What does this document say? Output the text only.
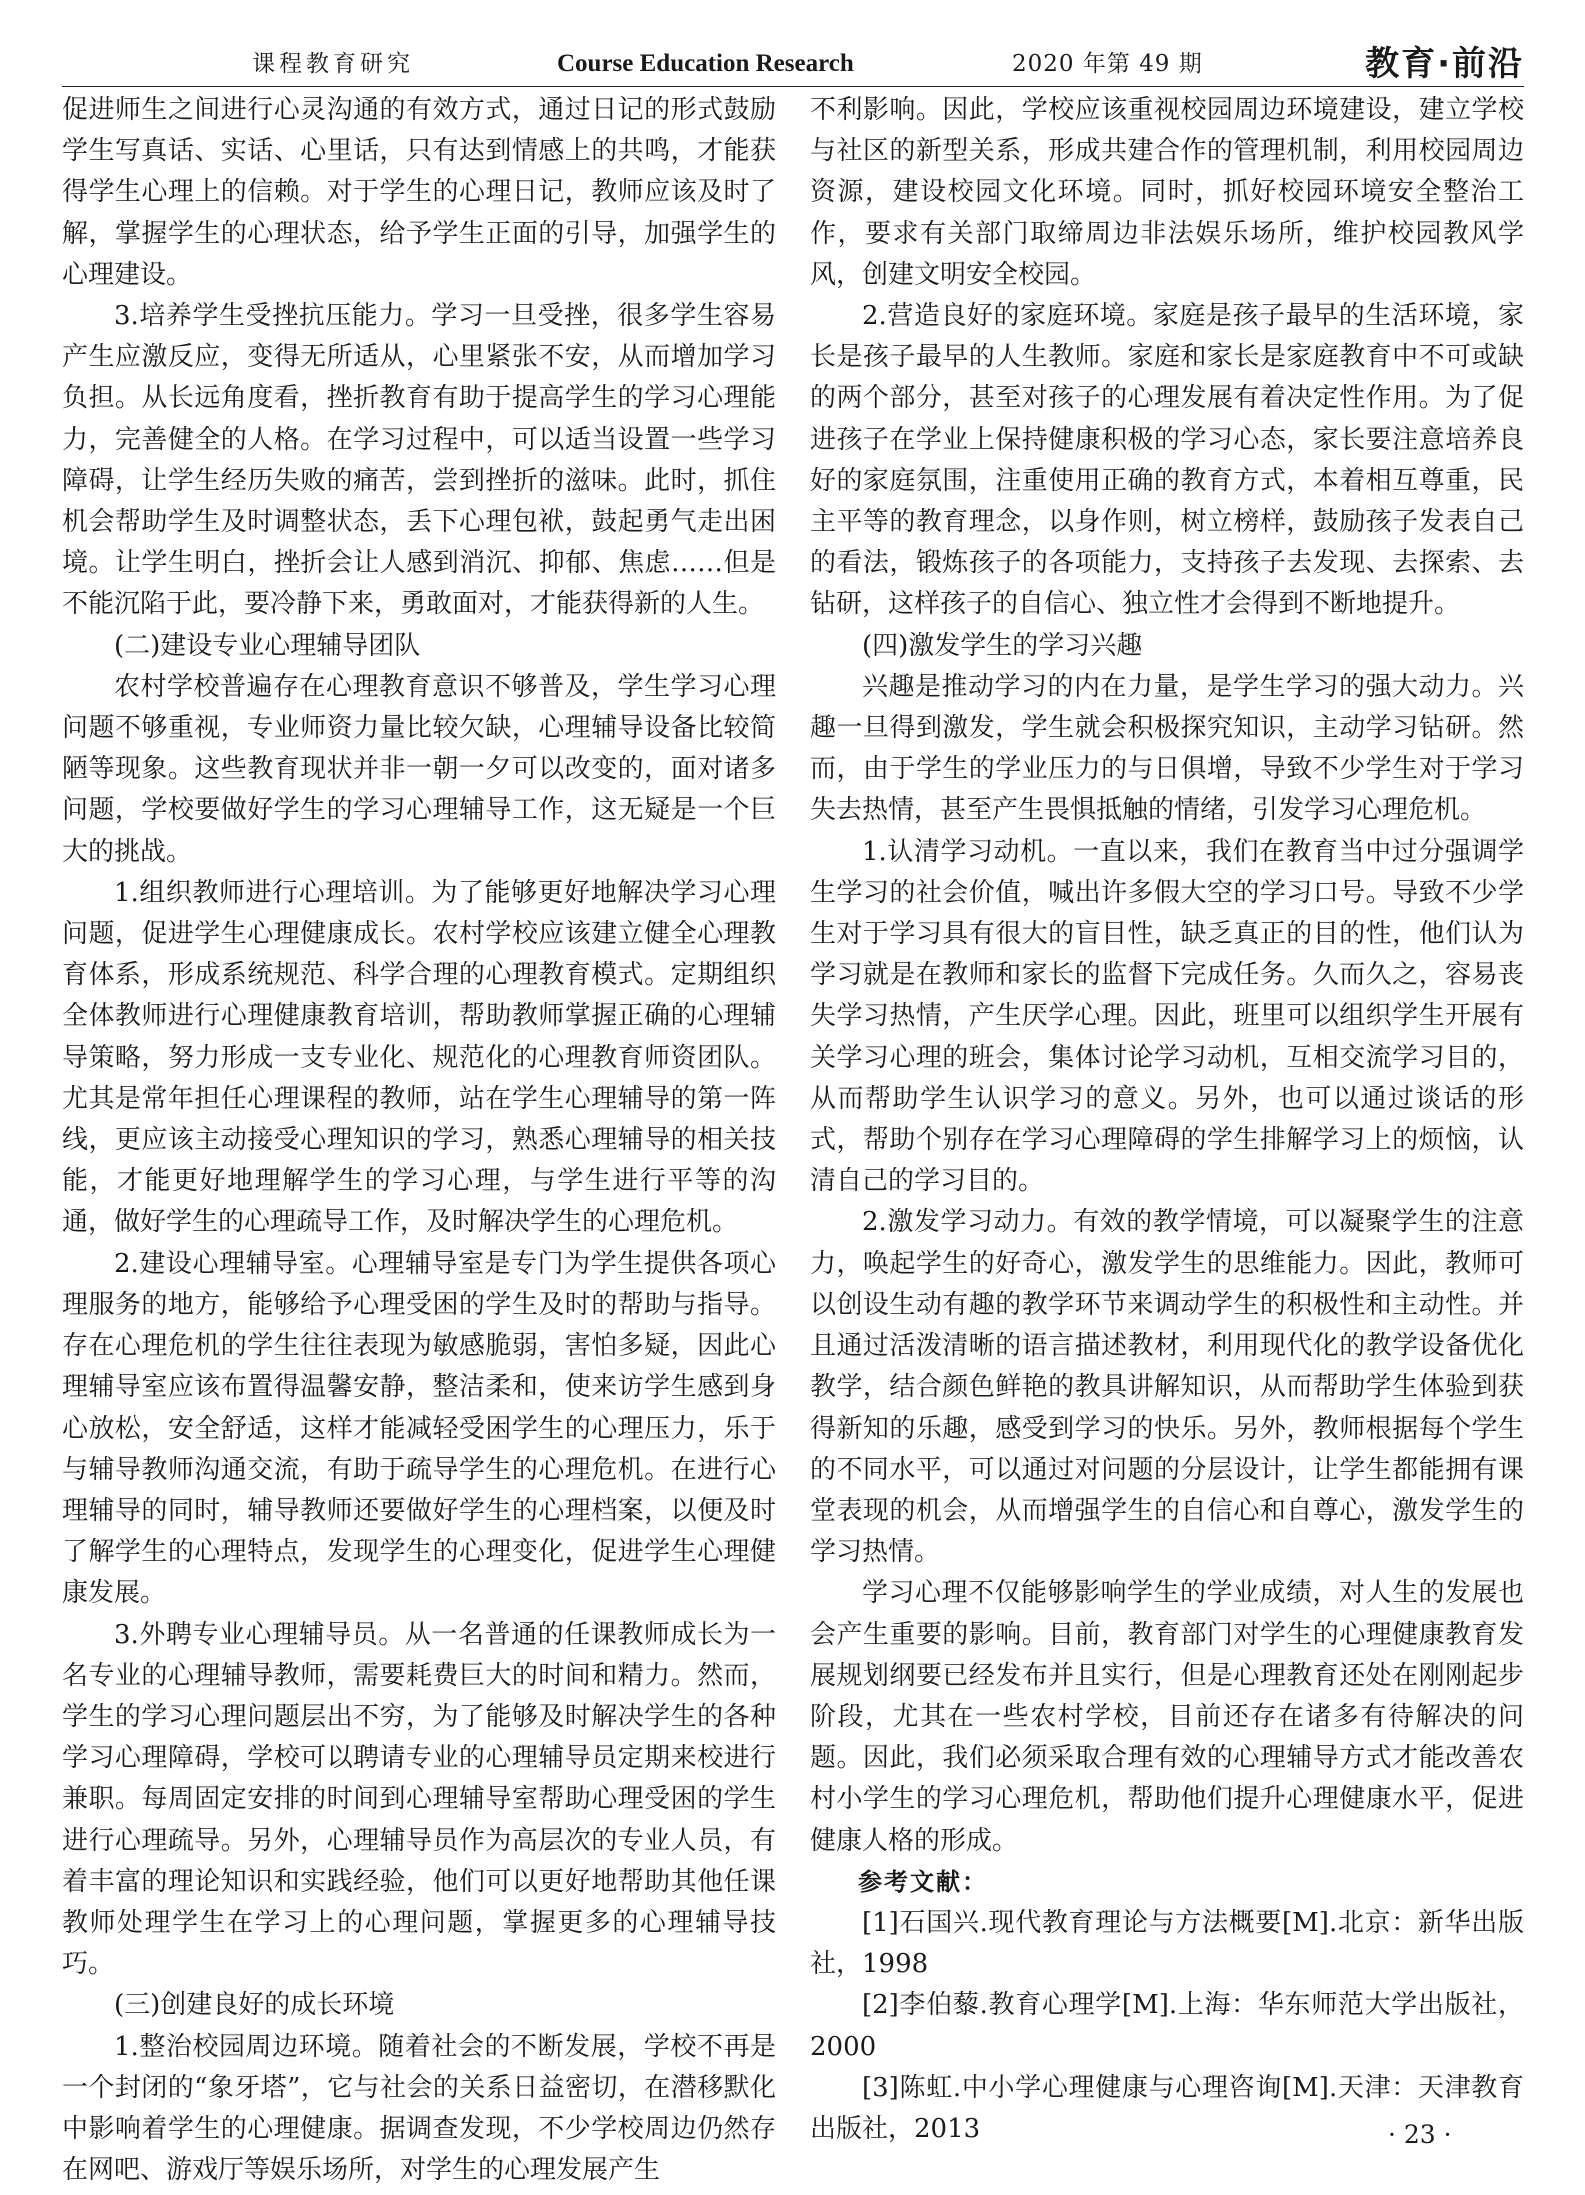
课程教育研究	Course Education Research	2020 年第 49 期	教育·前沿

促进师生之间进行心灵沟通的有效方式，通过日记的形式鼓励学生写真话、实话、心里话，只有达到情感上的共鸣，才能获得学生心理上的信赖。对于学生的心理日记，教师应该及时了解，掌握学生的心理状态，给予学生正面的引导，加强学生的心理建设。

3.培养学生受挫抗压能力。学习一旦受挫，很多学生容易产生应激反应，变得无所适从，心里紧张不安，从而增加学习负担。从长远角度看，挫折教育有助于提高学生的学习心理能力，完善健全的人格。在学习过程中，可以适当设置一些学习障碍，让学生经历失败的痛苦，尝到挫折的滋味。此时，抓住机会帮助学生及时调整状态，丢下心理包袱，鼓起勇气走出困境。让学生明白，挫折会让人感到消沉、抑郁、焦虑……但是不能沉陷于此，要冷静下来，勇敢面对，才能获得新的人生。

(二)建设专业心理辅导团队

农村学校普遍存在心理教育意识不够普及，学生学习心理问题不够重视，专业师资力量比较欠缺，心理辅导设备比较简陋等现象。这些教育现状并非一朝一夕可以改变的，面对诸多问题，学校要做好学生的学习心理辅导工作，这无疑是一个巨大的挑战。

1.组织教师进行心理培训。为了能够更好地解决学习心理问题，促进学生心理健康成长。农村学校应该建立健全心理教育体系，形成系统规范、科学合理的心理教育模式。定期组织全体教师进行心理健康教育培训，帮助教师掌握正确的心理辅导策略，努力形成一支专业化、规范化的心理教育师资团队。尤其是常年担任心理课程的教师，站在学生心理辅导的第一阵线，更应该主动接受心理知识的学习，熟悉心理辅导的相关技能，才能更好地理解学生的学习心理，与学生进行平等的沟通，做好学生的心理疏导工作，及时解决学生的心理危机。

2.建设心理辅导室。心理辅导室是专门为学生提供各项心理服务的地方，能够给予心理受困的学生及时的帮助与指导。存在心理危机的学生往往表现为敏感脆弱，害怕多疑，因此心理辅导室应该布置得温馨安静，整洁柔和，使来访学生感到身心放松，安全舒适，这样才能减轻受困学生的心理压力，乐于与辅导教师沟通交流，有助于疏导学生的心理危机。在进行心理辅导的同时，辅导教师还要做好学生的心理档案，以便及时了解学生的心理特点，发现学生的心理变化，促进学生心理健康发展。

3.外聘专业心理辅导员。从一名普通的任课教师成长为一名专业的心理辅导教师，需要耗费巨大的时间和精力。然而，学生的学习心理问题层出不穷，为了能够及时解决学生的各种学习心理障碍，学校可以聘请专业的心理辅导员定期来校进行兼职。每周固定安排的时间到心理辅导室帮助心理受困的学生进行心理疏导。另外，心理辅导员作为高层次的专业人员，有着丰富的理论知识和实践经验，他们可以更好地帮助其他任课教师处理学生在学习上的心理问题，掌握更多的心理辅导技巧。

(三)创建良好的成长环境

1.整治校园周边环境。随着社会的不断发展，学校不再是一个封闭的“象牙塔”，它与社会的关系日益密切，在潜移默化中影响着学生的心理健康。据调查发现，不少学校周边仍然存在网吧、游戏厅等娱乐场所，对学生的心理发展产生

不利影响。因此，学校应该重视校园周边环境建设，建立学校与社区的新型关系，形成共建合作的管理机制，利用校园周边资源，建设校园文化环境。同时，抓好校园环境安全整治工作，要求有关部门取缔周边非法娱乐场所，维护校园教风学风，创建文明安全校园。

2.营造良好的家庭环境。家庭是孩子最早的生活环境，家长是孩子最早的人生教师。家庭和家长是家庭教育中不可或缺的两个部分，甚至对孩子的心理发展有着决定性作用。为了促进孩子在学业上保持健康积极的学习心态，家长要注意培养良好的家庭氛围，注重使用正确的教育方式，本着相互尊重，民主平等的教育理念，以身作则，树立榜样，鼓励孩子发表自己的看法，锻炼孩子的各项能力，支持孩子去发现、去探索、去钻研，这样孩子的自信心、独立性才会得到不断地提升。

(四)激发学生的学习兴趣

兴趣是推动学习的内在力量，是学生学习的强大动力。兴趣一旦得到激发，学生就会积极探究知识，主动学习钻研。然而，由于学生的学业压力的与日俱增，导致不少学生对于学习失去热情，甚至产生畏惧抵触的情绪，引发学习心理危机。

1.认清学习动机。一直以来，我们在教育当中过分强调学生学习的社会价值，喊出许多假大空的学习口号。导致不少学生对于学习具有很大的盲目性，缺乏真正的目的性，他们认为学习就是在教师和家长的监督下完成任务。久而久之，容易丧失学习热情，产生厌学心理。因此，班里可以组织学生开展有关学习心理的班会，集体讨论学习动机，互相交流学习目的，从而帮助学生认识学习的意义。另外，也可以通过谈话的形式，帮助个别存在学习心理障碍的学生排解学习上的烦恼，认清自己的学习目的。

2.激发学习动力。有效的教学情境，可以凝聚学生的注意力，唤起学生的好奇心，激发学生的思维能力。因此，教师可以创设生动有趣的教学环节来调动学生的积极性和主动性。并且通过活泼清晰的语言描述教材，利用现代化的教学设备优化教学，结合颜色鲜艳的教具讲解知识，从而帮助学生体验到获得新知的乐趣，感受到学习的快乐。另外，教师根据每个学生的不同水平，可以通过对问题的分层设计，让学生都能拥有课堂表现的机会，从而增强学生的自信心和自尊心，激发学生的学习热情。

学习心理不仅能够影响学生的学业成绩，对人生的发展也会产生重要的影响。目前，教育部门对学生的心理健康教育发展规划纲要已经发布并且实行，但是心理教育还处在刚刚起步阶段，尤其在一些农村学校，目前还存在诸多有待解决的问题。因此，我们必须采取合理有效的心理辅导方式才能改善农村小学生的学习心理危机，帮助他们提升心理健康水平，促进健康人格的形成。

参考文献：

[1]石国兴.现代教育理论与方法概要[M].北京：新华出版社，1998

[2]李伯藜.教育心理学[M].上海：华东师范大学出版社，2000

[3]陈虹.中小学心理健康与心理咨询[M].天津：天津教育出版社，2013	· 23 ·
